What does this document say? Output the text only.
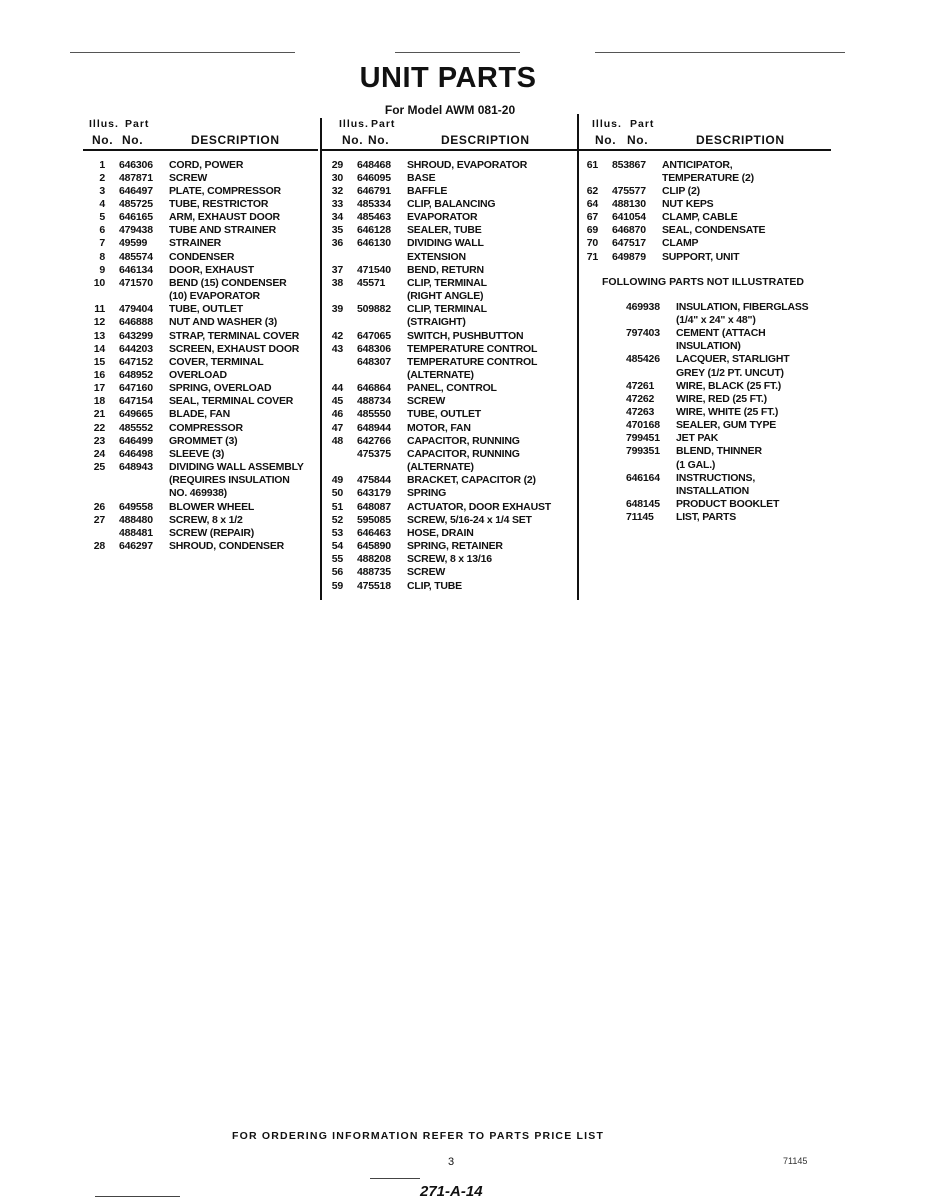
UNIT PARTS
For Model AWM 081-20
Illus. Part
No. No.	DESCRIPTION
1 646306 CORD, POWER
2 487871 SCREW
3 646497 PLATE, COMPRESSOR
4 485725 TUBE, RESTRICTOR
5 646165 ARM, EXHAUST DOOR
6 479438 TUBE AND STRAINER
7 49599 STRAINER
8 485574 CONDENSER
9 646134 DOOR, EXHAUST
10 471570 BEND (15) CONDENSER
(10) EVAPORATOR
11 479404 TUBE, OUTLET
12 646888 NUT AND WASHER (3)
13 643299 STRAP, TERMINAL COVER
14 644203 SCREEN, EXHAUST DOOR
15 647152 COVER, TERMINAL
16 648952 OVERLOAD
17 647160 SPRING, OVERLOAD
18 647154 SEAL, TERMINAL COVER
21 649665 BLADE, FAN
22 485552 COMPRESSOR
23 646499 GROMMET (3)
24 646498 SLEEVE (3)
25 648943 DIVIDING WALL ASSEMBLY
(REQUIRES INSULATION
NO. 469938)
26 649558 BLOWER WHEEL
27 488480 SCREW, 8 x 1/2
488481 SCREW (REPAIR)
28 646297 SHROUD, CONDENSER
Illus. Part
No. No.	DESCRIPTION
29 648468 SHROUD, EVAPORATOR
30 646095 BASE
32 646791 BAFFLE
33 485334 CLIP, BALANCING
34 485463 EVAPORATOR
35 646128 SEALER, TUBE
36 646130 DIVIDING WALL
EXTENSION
37 471540 BEND, RETURN
38 45571 CLIP, TERMINAL
(RIGHT ANGLE)
39 509882 CLIP, TERMINAL
(STRAIGHT)
42 647065 SWITCH, PUSHBUTTON
43 648306 TEMPERATURE CONTROL
648307 TEMPERATURE CONTROL
(ALTERNATE)
44 646864 PANEL, CONTROL
45 488734 SCREW
46 485550 TUBE, OUTLET
47 648944 MOTOR, FAN
48 642766 CAPACITOR, RUNNING
475375 CAPACITOR, RUNNING
(ALTERNATE)
49 475844 BRACKET, CAPACITOR (2)
50 643179 SPRING
51 648087 ACTUATOR, DOOR EXHAUST
52 595085 SCREW, 5/16-24 x 1/4 SET
53 646463 HOSE, DRAIN
54 645890 SPRING, RETAINER
55 488208 SCREW, 8 x 13/16
56 488735 SCREW
59 475518 CLIP, TUBE
Illus. Part
No. No.	DESCRIPTION
61 853867 ANTICIPATOR,
TEMPERATURE (2)
62 475577 CLIP (2)
64 488130 NUT KEPS
67 641054 CLAMP, CABLE
69 646870 SEAL, CONDENSATE
70 647517 CLAMP
71 649879 SUPPORT, UNIT
FOLLOWING PARTS NOT ILLUSTRATED
469938 INSULATION, FIBERGLASS
(1/4" x 24" x 48")
797403 CEMENT (ATTACH
INSULATION)
485426 LACQUER, STARLIGHT
GREY (1/2 PT. UNCUT)
47261 WIRE, BLACK (25 FT.)
47262 WIRE, RED (25 FT.)
47263 WIRE, WHITE (25 FT.)
470168 SEALER, GUM TYPE
799451 JET PAK
799351 BLEND, THINNER
(1 GAL.)
646164 INSTRUCTIONS,
INSTALLATION
648145 PRODUCT BOOKLET
71145 LIST, PARTS
FOR ORDERING INFORMATION REFER TO PARTS PRICE LIST
3	71145
271-A-14
